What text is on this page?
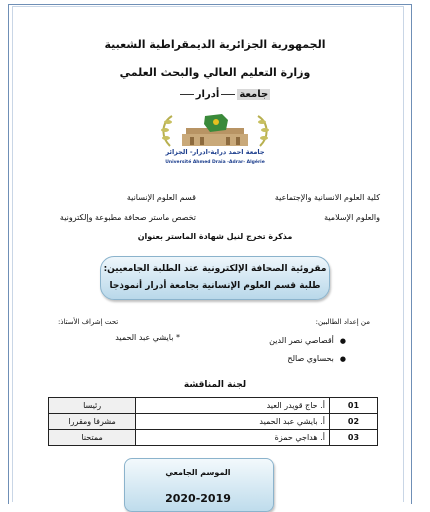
الجمهورية الجزائرية الديمقراطية الشعبية
وزارة التعليم العالي والبحث العلمي
جامعةأدرار
جامعة احمد دراية-ادرار- الجزائر
Université Ahmed Draia -Adrar- Algérie
كلية العلوم الانسانية والإجتماعية
والعلوم الإسلامية
قسم العلوم الإنسانية
تخصص ماستر صحافة مطبوعة وإلكترونية
مذكرة تخرج لنيل شهادة الماستر بعنوان
مقروئية الصحافة الإلكترونية عند الطلبة الجامعيين:
طلبة قسم العلوم الإنسانية بجامعة أدرار أنموذجا
من إعداد الطالبين:
تحت إشراف الأستاذ:
● أقصاصي نصر الدين
● بحساوي صالح
* بايشي عبد الحميد
لجنة المناقشة
01	أ. حاج قويدر العيد	رئيسا
02	أ. بايشي عبد الحميد	مشرفا ومقررا
03	أ. هداجي حمزة	ممتحنا
الموسم الجامعي
2020-2019
